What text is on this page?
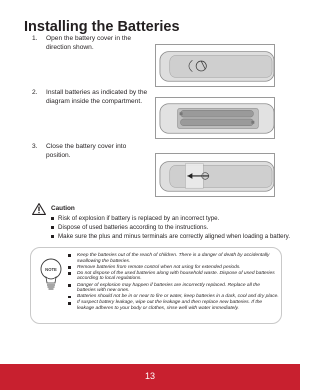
Installing the Batteries
1. Open the battery cover in the direction shown.
2. Install batteries as indicated by the diagram inside the compartment.
3. Close the battery cover into position.
Caution
Risk of explosion if battery is replaced by an incorrect type.
Dispose of used batteries according to the instructions.
Make sure the plus and minus terminals are correctly aligned when loading a battery.
NOTE
Keep the batteries out of the reach of children. There is a danger of death by accidentally swallowing the batteries.
Remove batteries from remote control when not using for extended periods.
Do not dispose of the used batteries along with household waste. Dispose of used batteries according to local regulations.
Danger of explosion may happen if batteries are incorrectly replaced. Replace all the batteries with new ones.
Batteries should not be in or near to fire or water, keep batteries in a dark, cool and dry place.
If suspect battery leakage, wipe out the leakage and then replace new batteries. If the leakage adheres to your body or clothes, rinse well with water immediately.
13
